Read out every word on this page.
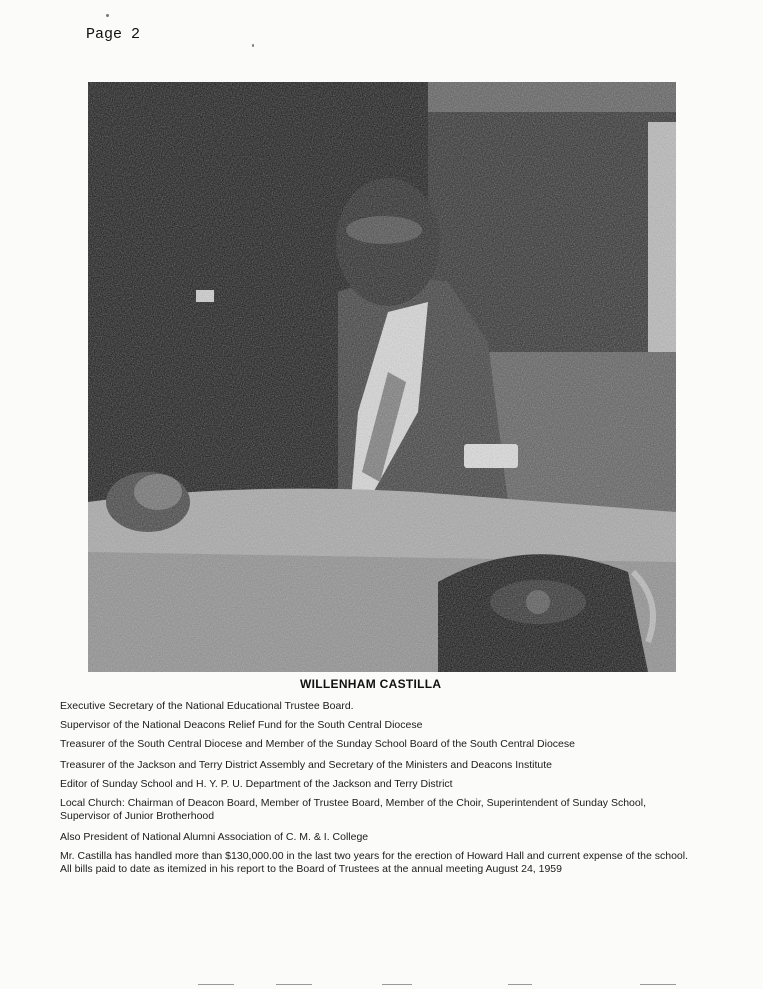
Page 2
WILLENHAM CASTILLA

Executive Secretary of the National Educational Trustee Board.

Supervisor of the National Deacons Relief Fund for the South Central Diocese

Treasurer of the South Central Diocese and Member of the Sunday School Board of the South Central Diocese

Treasurer of the Jackson and Terry District Assembly and Secretary of the Ministers and Deacons Institute

Editor of Sunday School and H. Y. P. U. Department of the Jackson and Terry District

Local Church: Chairman of Deacon Board, Member of Trustee Board, Member of the Choir, Superintendent of Sunday School, Supervisor of Junior Brotherhood

Also President of National Alumni Association of C. M. & I. College

Mr. Castilla has handled more than $130,000.00 in the last two years for the erection of Howard Hall and current expense of the school. All bills paid to date as itemized in his report to the Board of Trustees at the annual meeting August 24, 1959
